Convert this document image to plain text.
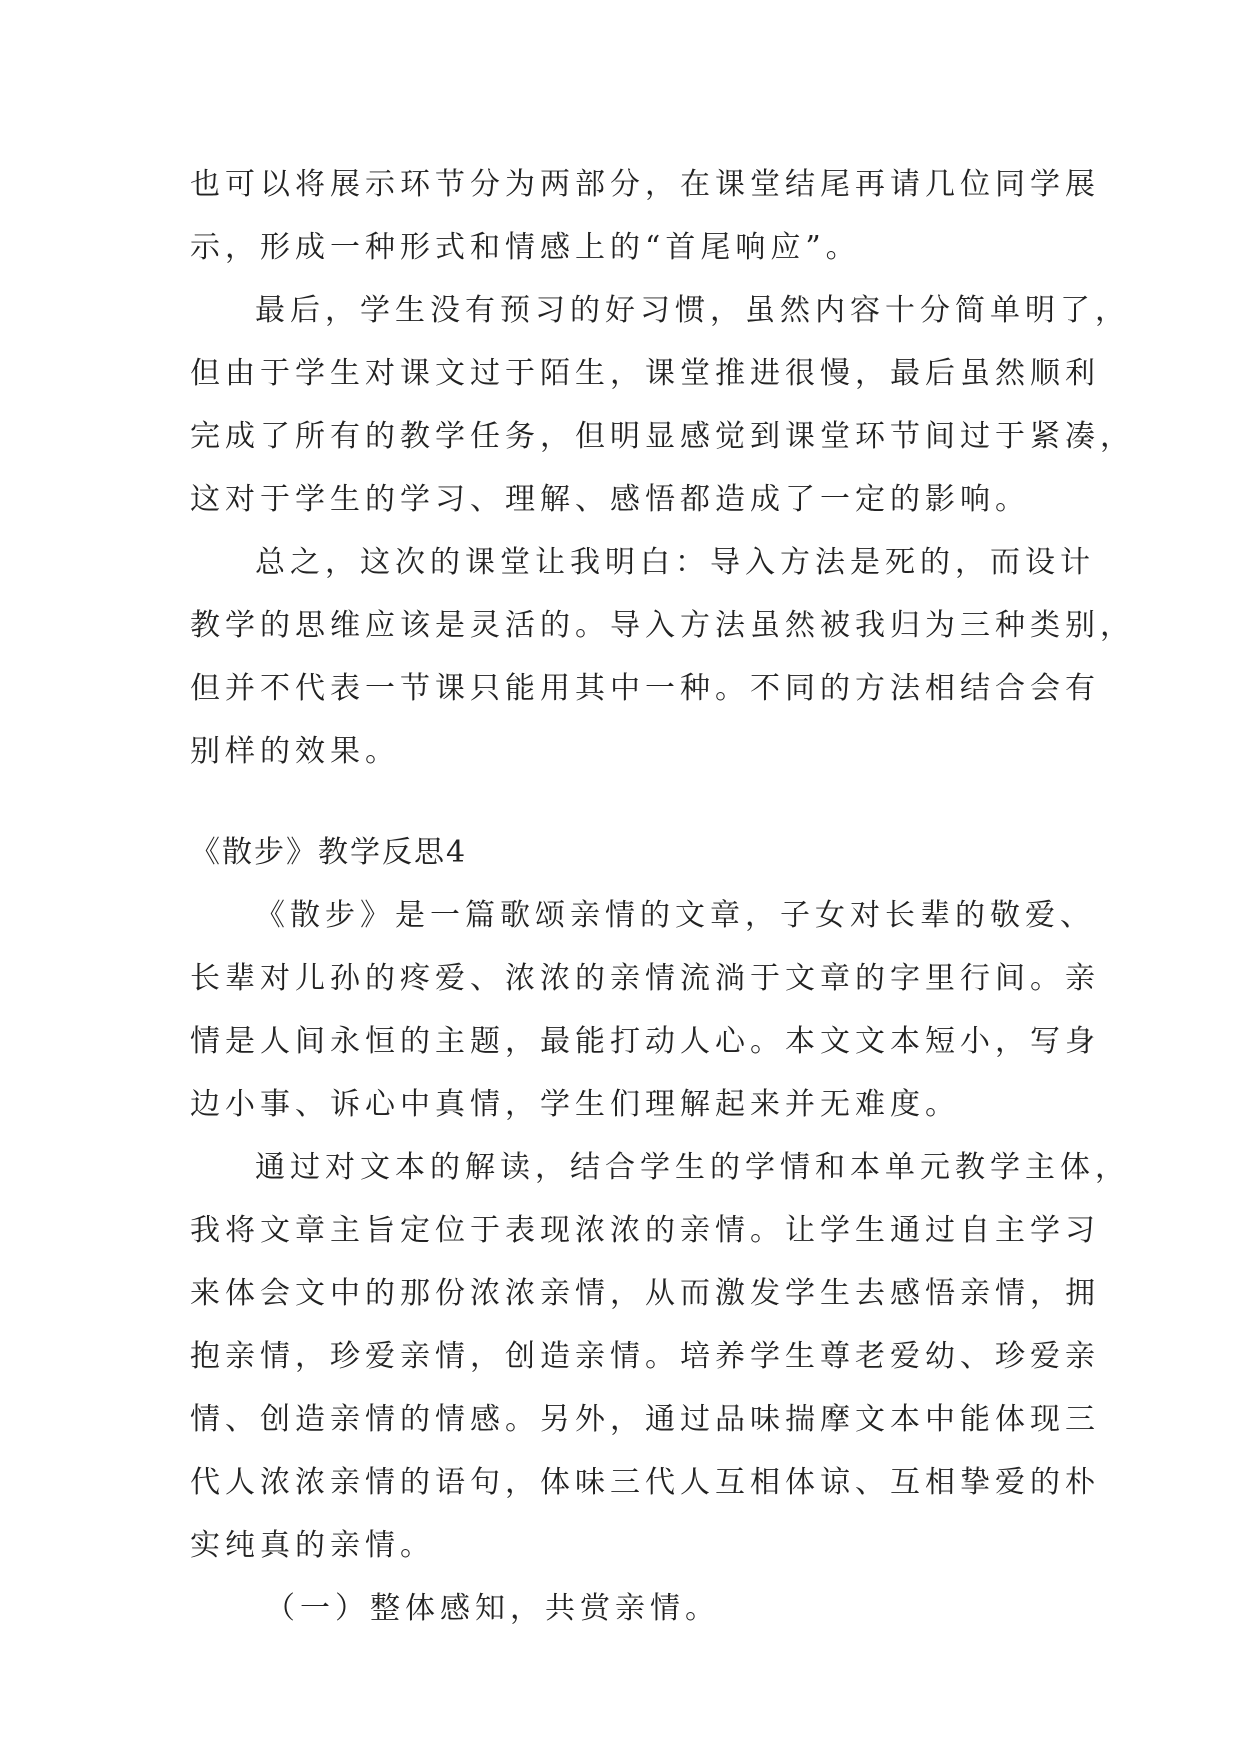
也可以将展示环节分为两部分，在课堂结尾再请几位同学展
示，形成一种形式和情感上的“首尾响应”。
最后，学生没有预习的好习惯，虽然内容十分简单明了，
但由于学生对课文过于陌生，课堂推进很慢，最后虽然顺利
完成了所有的教学任务，但明显感觉到课堂环节间过于紧凑，
这对于学生的学习、理解、感悟都造成了一定的影响。
总之，这次的课堂让我明白：导入方法是死的，而设计
教学的思维应该是灵活的。导入方法虽然被我归为三种类别，
但并不代表一节课只能用其中一种。不同的方法相结合会有
别样的效果。
《散步》教学反思4
《散步》是一篇歌颂亲情的文章，子女对长辈的敬爱、
长辈对儿孙的疼爱、浓浓的亲情流淌于文章的字里行间。亲
情是人间永恒的主题，最能打动人心。本文文本短小，写身
边小事、诉心中真情，学生们理解起来并无难度。
通过对文本的解读，结合学生的学情和本单元教学主体，
我将文章主旨定位于表现浓浓的亲情。让学生通过自主学习
来体会文中的那份浓浓亲情，从而激发学生去感悟亲情，拥
抱亲情，珍爱亲情，创造亲情。培养学生尊老爱幼、珍爱亲
情、创造亲情的情感。另外，通过品味揣摩文本中能体现三
代人浓浓亲情的语句，体味三代人互相体谅、互相挚爱的朴
实纯真的亲情。
（一）整体感知，共赏亲情。
